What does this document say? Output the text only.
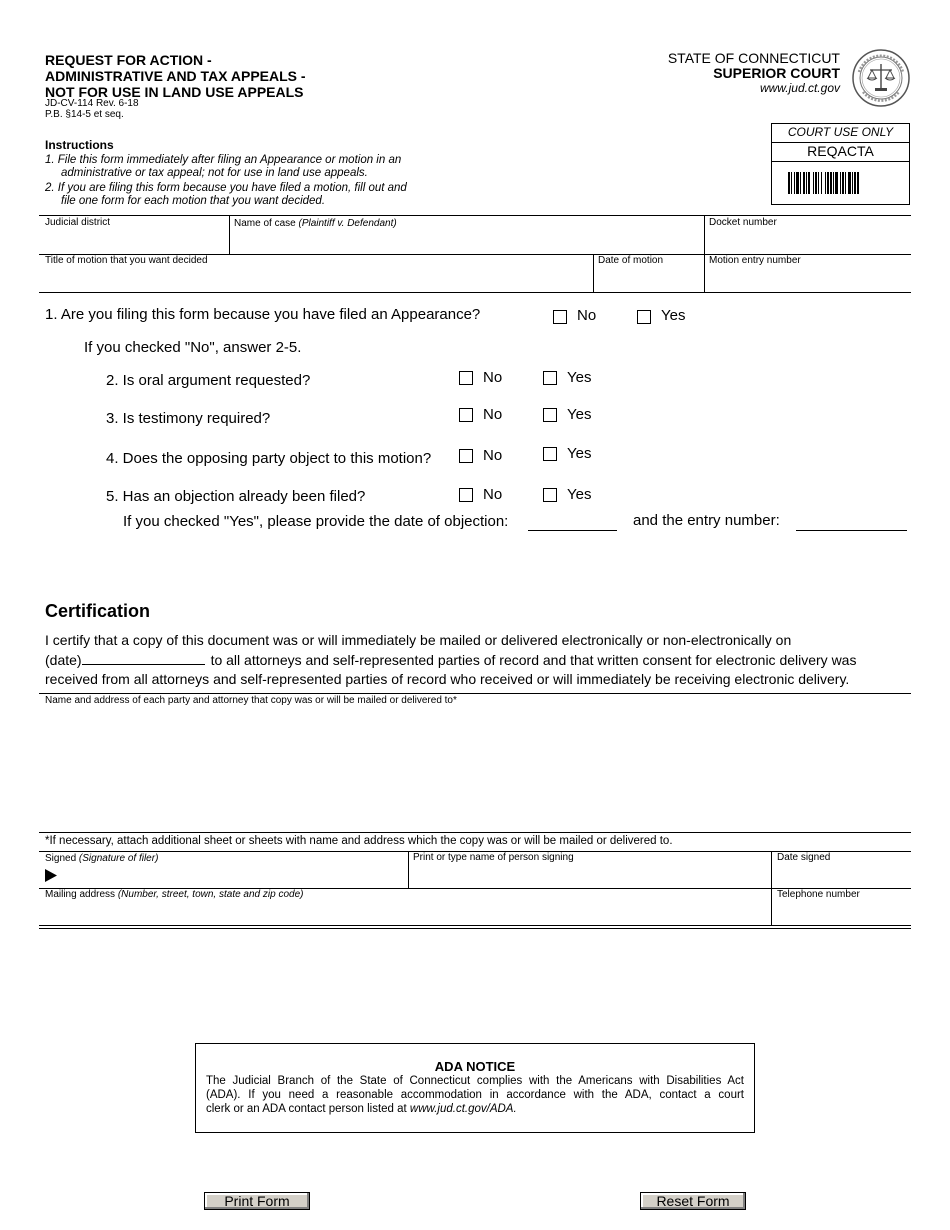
REQUEST FOR ACTION -
ADMINISTRATIVE AND TAX APPEALS -
NOT FOR USE IN LAND USE APPEALS
JD-CV-114 Rev. 6-18
P.B. §14-5 et seq.
STATE OF CONNECTICUT
SUPERIOR COURT
www.jud.ct.gov
COURT USE ONLY
REQACTA
Instructions
1. File this form immediately after filing an Appearance or motion in an
administrative or tax appeal; not for use in land use appeals.
2. If you are filing this form because you have filed a motion, fill out and
file one form for each motion that you want decided.
Judicial district	Name of case (Plaintiff v. Defendant)	Docket number
Title of motion that you want decided	Date of motion	Motion entry number
1. Are you filing this form because you have filed an Appearance?	No	Yes
If you checked "No", answer 2-5.
2. Is oral argument requested?	No	Yes
3. Is testimony required?	No	Yes
4. Does the opposing party object to this motion?	No	Yes
5. Has an objection already been filed?	No	Yes
If you checked "Yes", please provide the date of objection:	and the entry number:
Certification
I certify that a copy of this document was or will immediately be mailed or delivered electronically or non-electronically on
(date)	to all attorneys and self-represented parties of record and that written consent for electronic delivery was
received from all attorneys and self-represented parties of record who received or will immediately be receiving electronic delivery.
Name and address of each party and attorney that copy was or will be mailed or delivered to*
*If necessary, attach additional sheet or sheets with name and address which the copy was or will be mailed or delivered to.
Signed (Signature of filer)	Print or type name of person signing	Date signed
Mailing address (Number, street, town, state and zip code)	Telephone number
ADA NOTICE
The Judicial Branch of the State of Connecticut complies with the Americans with Disabilities Act
(ADA). If you need a reasonable accommodation in accordance with the ADA, contact a court
clerk or an ADA contact person listed at www.jud.ct.gov/ADA.
Print Form	Reset Form
